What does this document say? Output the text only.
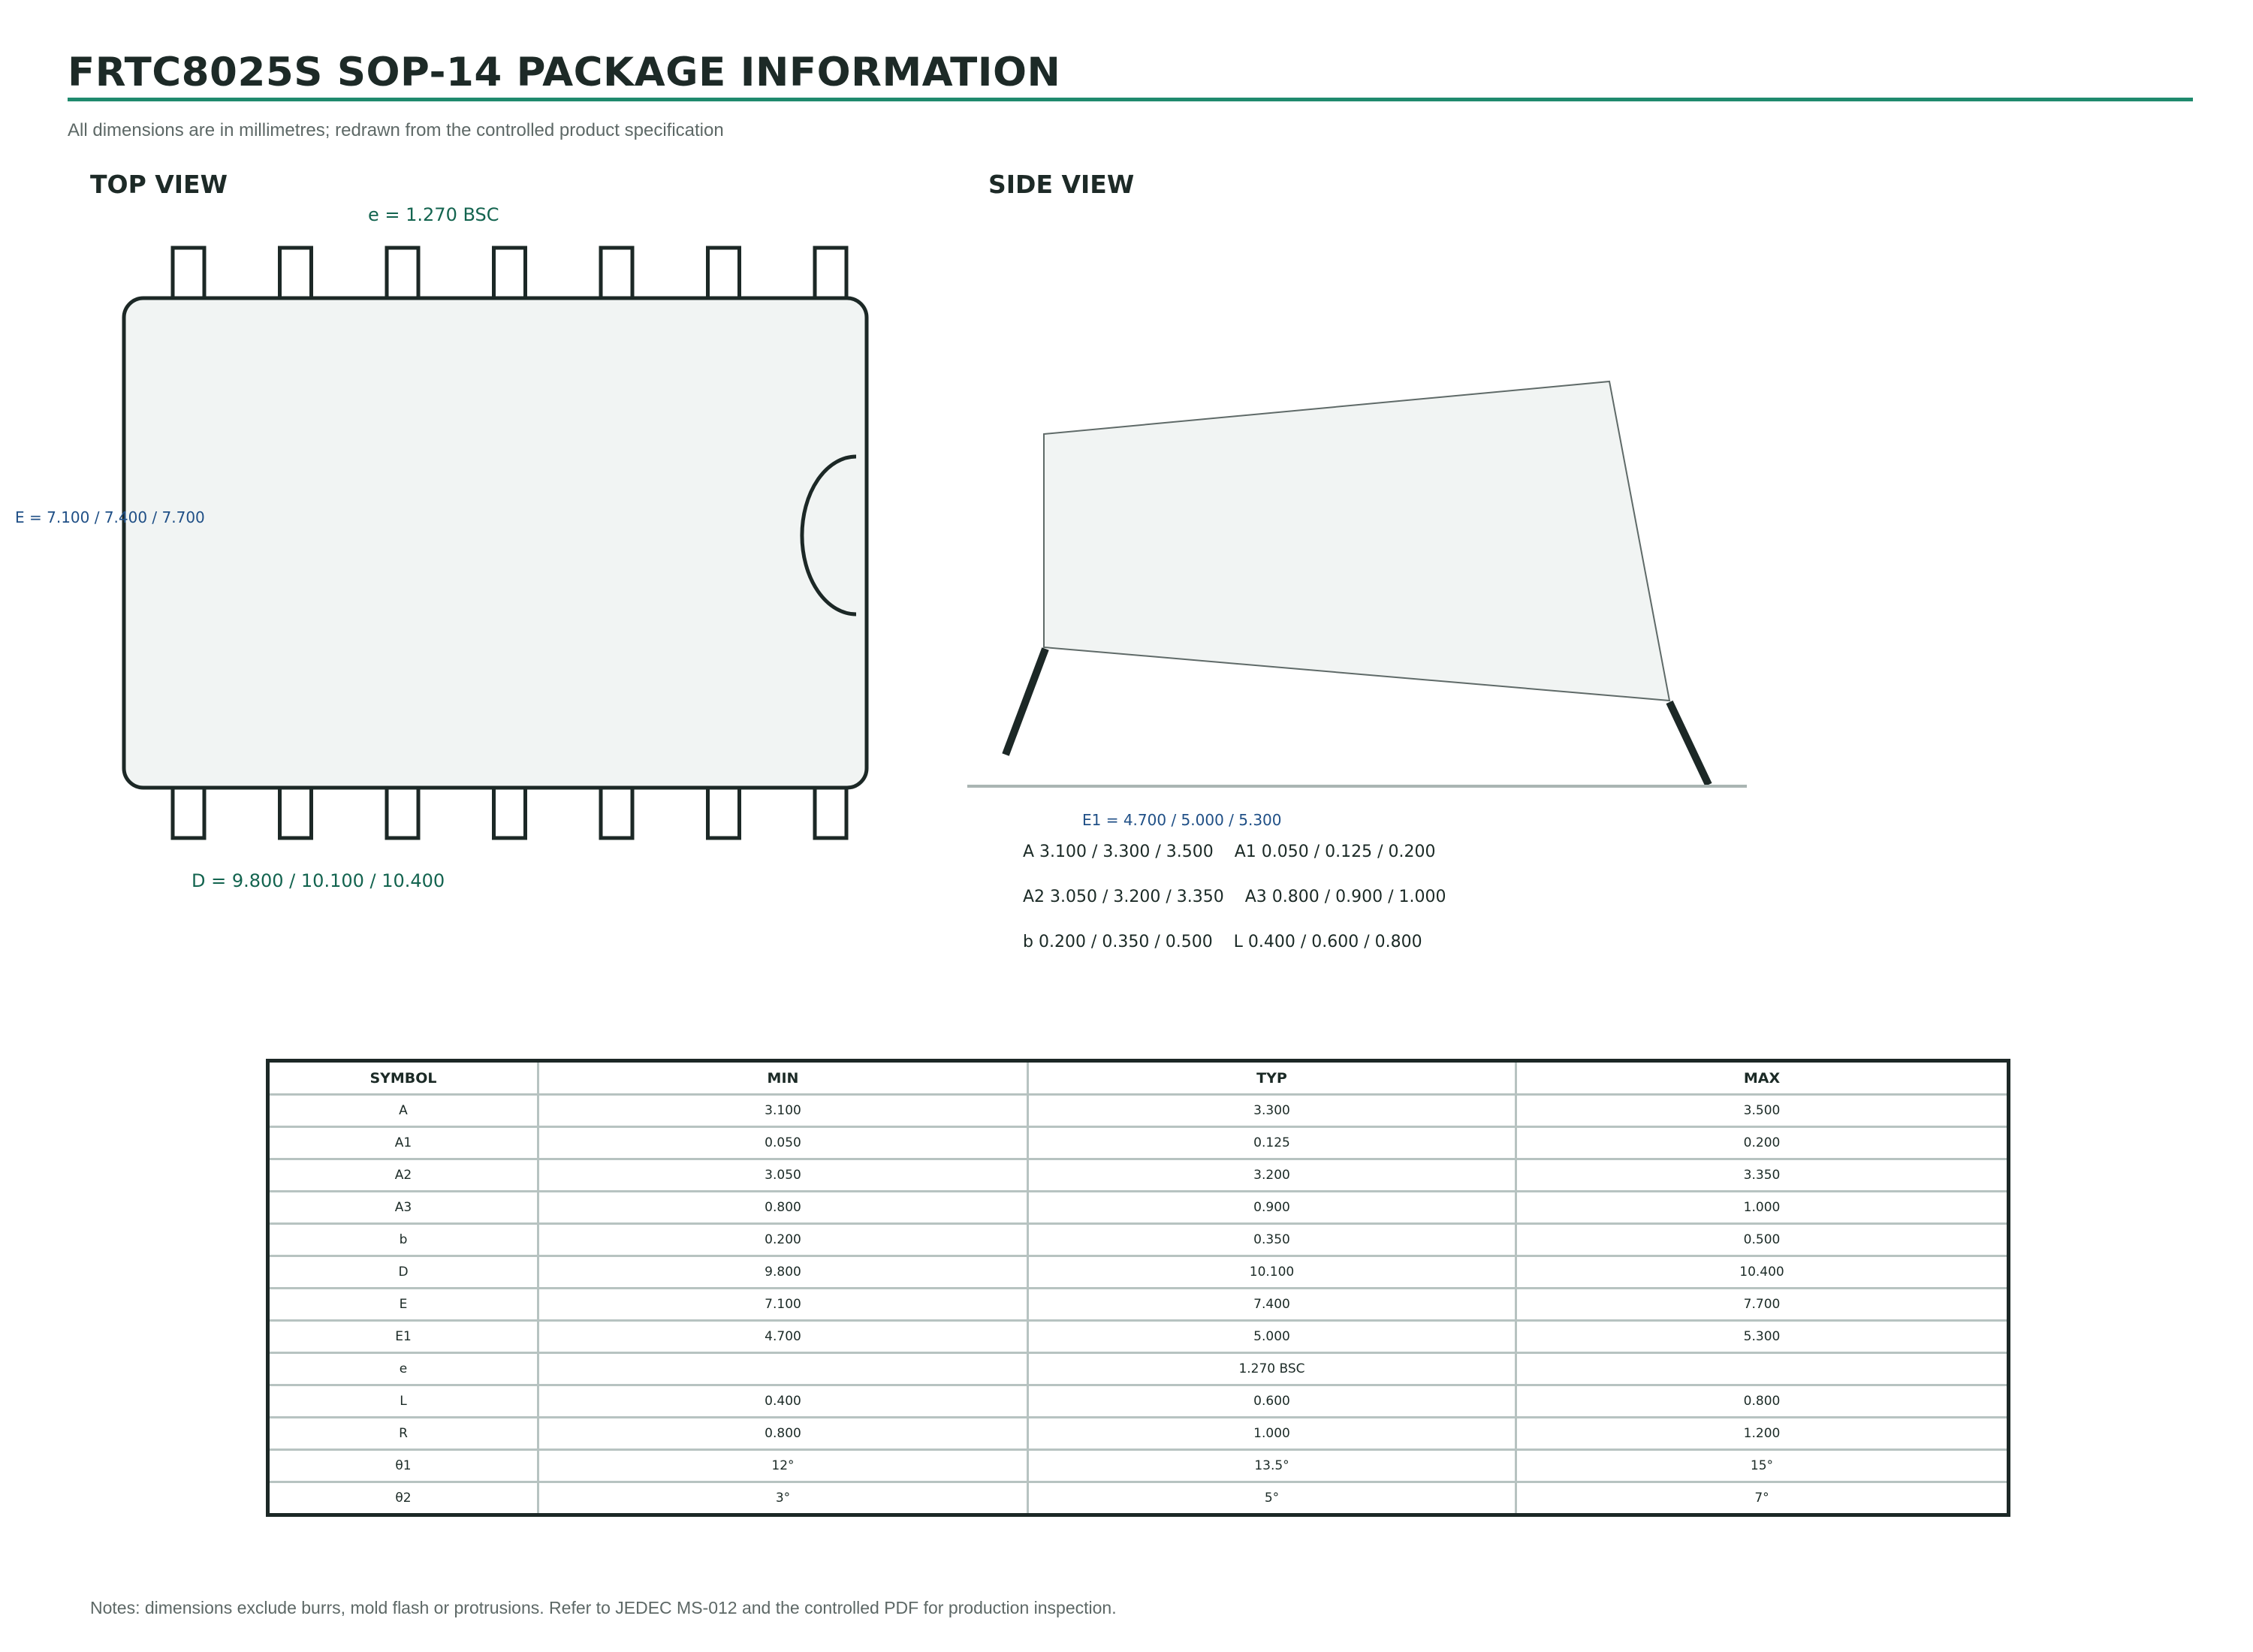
FRTC8025S SOP-14 PACKAGE INFORMATION
All dimensions are in millimetres; redrawn from the controlled product specification
TOP VIEW	SIDE VIEW
e = 1.270 BSC
E = 7.100 / 7.400 / 7.700
D = 9.800 / 10.100 / 10.400
E1 = 4.700 / 5.000 / 5.300
A 3.100 / 3.300 / 3.500    A1 0.050 / 0.125 / 0.200
A2 3.050 / 3.200 / 3.350    A3 0.800 / 0.900 / 1.000
b 0.200 / 0.350 / 0.500    L 0.400 / 0.600 / 0.800
SYMBOL	MIN	TYP	MAX
A	3.100	3.300	3.500
A1	0.050	0.125	0.200
A2	3.050	3.200	3.350
A3	0.800	0.900	1.000
b	0.200	0.350	0.500
D	9.800	10.100	10.400
E	7.100	7.400	7.700
E1	4.700	5.000	5.300
e		1.270 BSC	
L	0.400	0.600	0.800
R	0.800	1.000	1.200
θ1	12°	13.5°	15°
θ2	3°	5°	7°
Notes: dimensions exclude burrs, mold flash or protrusions. Refer to JEDEC MS-012 and the controlled PDF for production inspection.
